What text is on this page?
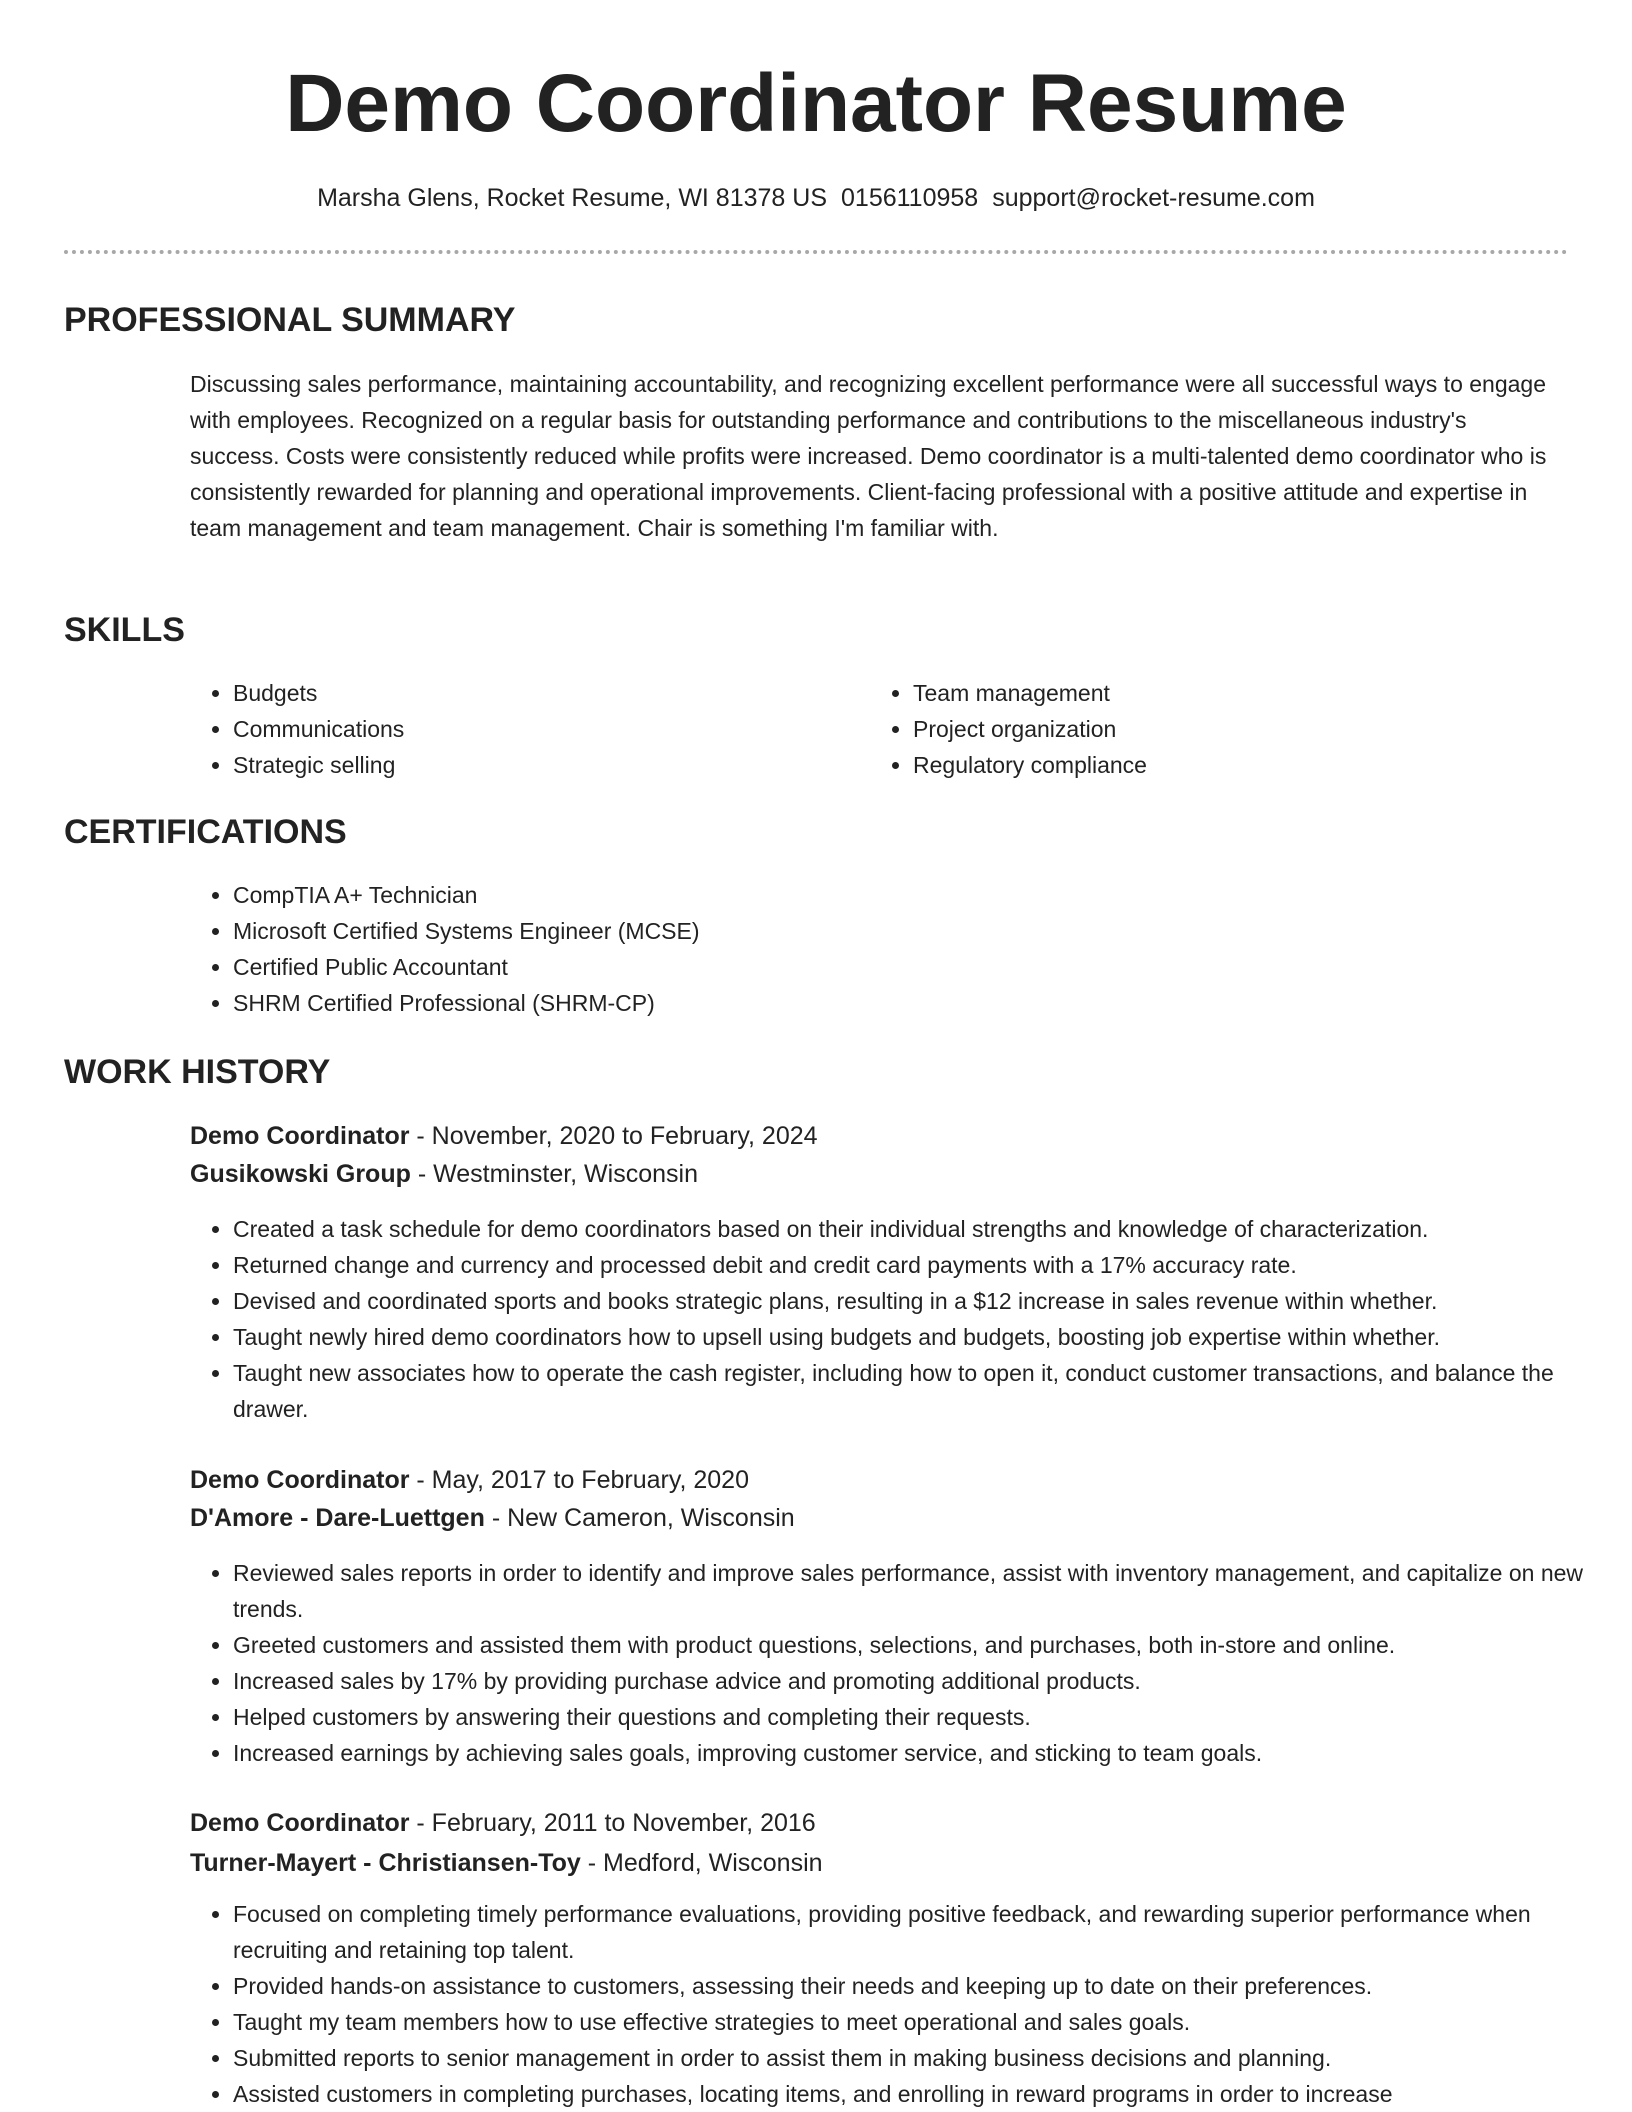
Demo Coordinator Resume
Marsha Glens, Rocket Resume, WI 81378 US 0156110958 support@rocket-resume.com
PROFESSIONAL SUMMARY
Discussing sales performance, maintaining accountability, and recognizing excellent performance were all successful ways to engage with employees. Recognized on a regular basis for outstanding performance and contributions to the miscellaneous industry's success. Costs were consistently reduced while profits were increased. Demo coordinator is a multi-talented demo coordinator who is consistently rewarded for planning and operational improvements. Client-facing professional with a positive attitude and expertise in team management and team management. Chair is something I'm familiar with.
SKILLS
• Budgets
• Communications
• Strategic selling
• Team management
• Project organization
• Regulatory compliance
CERTIFICATIONS
• CompTIA A+ Technician
• Microsoft Certified Systems Engineer (MCSE)
• Certified Public Accountant
• SHRM Certified Professional (SHRM-CP)
WORK HISTORY
Demo Coordinator - November, 2020 to February, 2024
Gusikowski Group - Westminster, Wisconsin
• Created a task schedule for demo coordinators based on their individual strengths and knowledge of characterization.
• Returned change and currency and processed debit and credit card payments with a 17% accuracy rate.
• Devised and coordinated sports and books strategic plans, resulting in a $12 increase in sales revenue within whether.
• Taught newly hired demo coordinators how to upsell using budgets and budgets, boosting job expertise within whether.
• Taught new associates how to operate the cash register, including how to open it, conduct customer transactions, and balance the drawer.
Demo Coordinator - May, 2017 to February, 2020
D'Amore - Dare-Luettgen - New Cameron, Wisconsin
• Reviewed sales reports in order to identify and improve sales performance, assist with inventory management, and capitalize on new trends.
• Greeted customers and assisted them with product questions, selections, and purchases, both in-store and online.
• Increased sales by 17% by providing purchase advice and promoting additional products.
• Helped customers by answering their questions and completing their requests.
• Increased earnings by achieving sales goals, improving customer service, and sticking to team goals.
Demo Coordinator - February, 2011 to November, 2016
Turner-Mayert - Christiansen-Toy - Medford, Wisconsin
• Focused on completing timely performance evaluations, providing positive feedback, and rewarding superior performance when recruiting and retaining top talent.
• Provided hands-on assistance to customers, assessing their needs and keeping up to date on their preferences.
• Taught my team members how to use effective strategies to meet operational and sales goals.
• Submitted reports to senior management in order to assist them in making business decisions and planning.
• Assisted customers in completing purchases, locating items, and enrolling in reward programs in order to increase
